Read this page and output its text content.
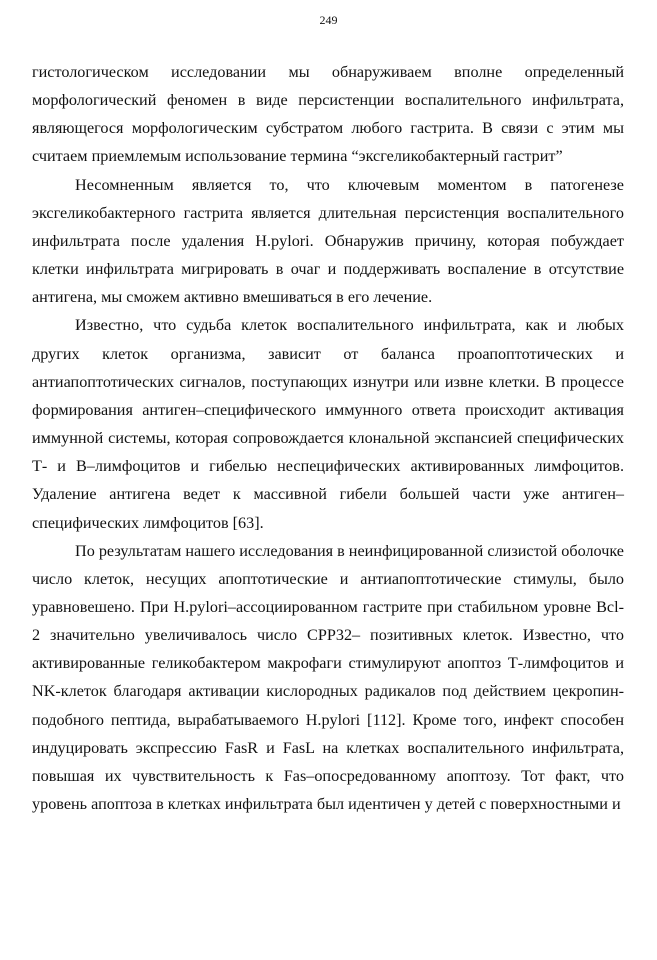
249

гистологическом исследовании мы обнаруживаем вполне определенный морфологический феномен в виде персистенции воспалительного инфильтрата, являющегося морфологическим субстратом любого гастрита. В связи с этим мы считаем приемлемым использование термина “эксгеликобактерный гастрит”

Несомненным является то, что ключевым моментом в патогенезе эксгеликобактерного гастрита является длительная персистенция воспалительного инфильтрата после удаления H.pylori. Обнаружив причину, которая побуждает клетки инфильтрата мигрировать в очаг и поддерживать воспаление в отсутствие антигена, мы сможем активно вмешиваться в его лечение.

Известно, что судьба клеток воспалительного инфильтрата, как и любых других клеток организма, зависит от баланса проапоптотических и антиапоптотических сигналов, поступающих изнутри или извне клетки. В процессе формирования антиген–специфического иммунного ответа происходит активация иммунной системы, которая сопровождается клональной экспансией специфических Т- и В–лимфоцитов и гибелью неспецифических активированных лимфоцитов. Удаление антигена ведет к массивной гибели большей части уже антиген–специфических лимфоцитов [63].

По результатам нашего исследования в неинфицированной слизистой оболочке число клеток, несущих апоптотические и антиапоптотические стимулы, было уравновешено. При H.pylori–ассоциированном гастрите при стабильном уровне Bcl-2 значительно увеличивалось число CPP32– позитивных клеток. Известно, что активированные геликобактером макрофаги стимулируют апоптоз Т-лимфоцитов и NK-клеток благодаря активации кислородных радикалов под действием цекропин-подобного пептида, вырабатываемого H.pylori [112]. Кроме того, инфект способен индуцировать экспрессию FasR и FasL на клетках воспалительного инфильтрата, повышая их чувствительность к Fas–опосредованному апоптозу. Тот факт, что уровень апоптоза в клетках инфильтрата был идентичен у детей с поверхностными и
